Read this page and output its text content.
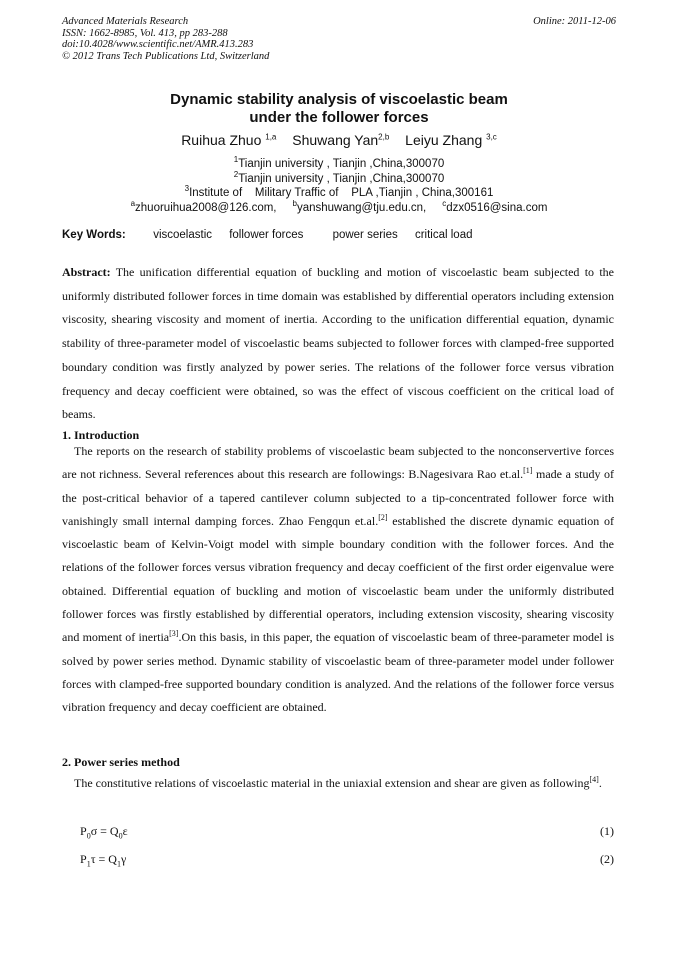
Advanced Materials Research
ISSN: 1662-8985, Vol. 413, pp 283-288
doi:10.4028/www.scientific.net/AMR.413.283
© 2012 Trans Tech Publications Ltd, Switzerland
Online: 2011-12-06
Dynamic stability analysis of viscoelastic beam
under the follower forces
Ruihua Zhuo $^{1,a}$ Shuwang Yan$^{2,b}$ Leiyu Zhang $^{3,c}$
$^1$Tianjin university , Tianjin ,China,300070
$^2$Tianjin university , Tianjin ,China,300070
$^3$Institute of    Military Traffic of    PLA ,Tianjin , China,300161
$^a$zhuoruihua2008@126.com, $^b$yanshuwang@tju.edu.cn, $^c$dzx0516@sina.com
Key Words: viscoelastic follower forces	power series critical load
Abstract: The unification differential equation of buckling and motion of viscoelastic beam subjected to the uniformly distributed follower forces in time domain was established by differential operators including extension viscosity, shearing viscosity and moment of inertia. According to the unification differential equation, dynamic stability of three-parameter model of viscoelastic beams subjected to follower forces with clamped-free supported boundary condition was firstly analyzed by power series. The relations of the follower force versus vibration frequency and decay coefficient were obtained, so was the effect of viscous coefficient on the critical load of beams.
1. Introduction
The reports on the research of stability problems of viscoelastic beam subjected to the nonconservertive forces are not richness. Several references about this research are followings: B.Nagesivara Rao et.al.[1] made a study of the post-critical behavior of a tapered cantilever column subjected to a tip-concentrated follower force with vanishingly small internal damping forces. Zhao Fengqun et.al.[2] established the discrete dynamic equation of viscoelastic beam of Kelvin-Voigt model with simple boundary condition with the follower forces. And the relations of the follower forces versus vibration frequency and decay coefficient of the first order eigenvalue were obtained. Differential equation of buckling and motion of viscoelastic beam under the uniformly distributed follower forces was firstly established by differential operators, including extension viscosity, shearing viscosity and moment of inertia[3].On this basis, in this paper, the equation of viscoelastic beam of three-parameter model is solved by power series method. Dynamic stability of viscoelastic beam of three-parameter model under follower forces with clamped-free supported boundary condition is analyzed. And the relations of the follower force versus vibration frequency and decay coefficient are obtained.
2. Power series method
The constitutive relations of viscoelastic material in the uniaxial extension and shear are given as following[4].
$P_0\sigma = Q_0\varepsilon$	(1)
$P_1\tau = Q_1\gamma$	(2)
